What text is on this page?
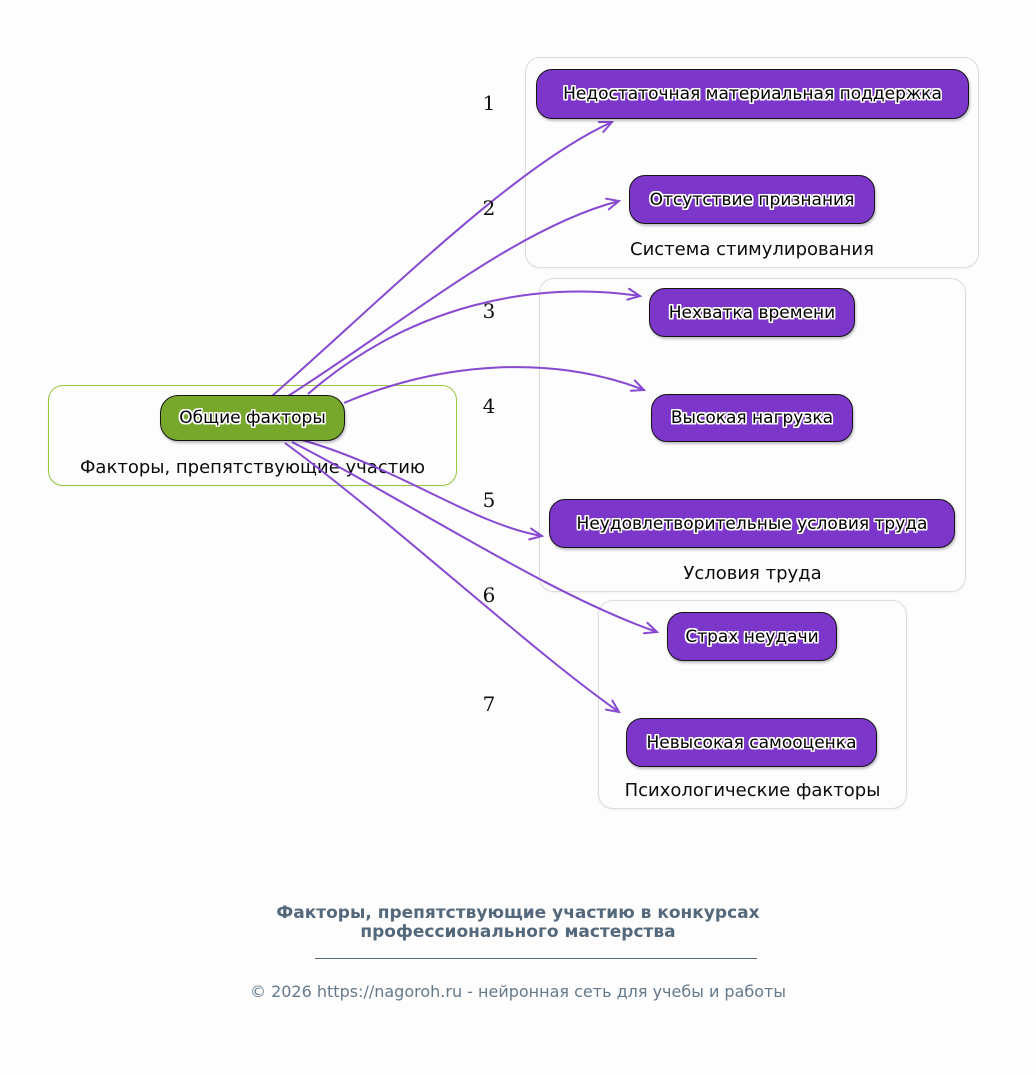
Факторы, препятствующие участию
Система стимулирования
Условия труда
Психологические факторы
Общие факторы
Недостаточная материальная поддержка
Отсутствие признания
Нехватка времени
Высокая нагрузка
Неудовлетворительные условия труда
Страх неудачи
Невысокая самооценка
1
2
3
4
5
6
7
Факторы, препятствующие участию в конкурсах
профессионального мастерства
© 2026 https://nagoroh.ru - нейронная сеть для учебы и работы
